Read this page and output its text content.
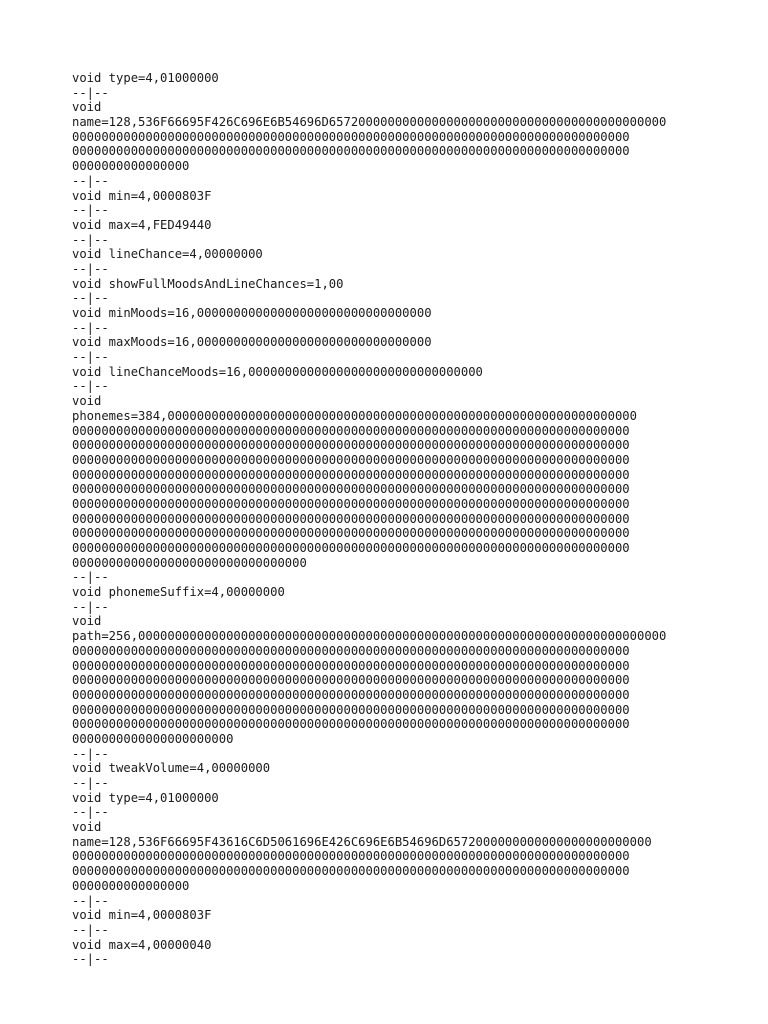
void type=4,01000000
--|--
void
name=128,536F66695F426C696E6B54696D6572000000000000000000000000000000000000000000
0000000000000000000000000000000000000000000000000000000000000000000000000000
0000000000000000000000000000000000000000000000000000000000000000000000000000
0000000000000000
--|--
void min=4,0000803F
--|--
void max=4,FED49440
--|--
void lineChance=4,00000000
--|--
void showFullMoodsAndLineChances=1,00
--|--
void minMoods=16,00000000000000000000000000000000
--|--
void maxMoods=16,00000000000000000000000000000000
--|--
void lineChanceMoods=16,00000000000000000000000000000000
--|--
void
phonemes=384,0000000000000000000000000000000000000000000000000000000000000000
0000000000000000000000000000000000000000000000000000000000000000000000000000
0000000000000000000000000000000000000000000000000000000000000000000000000000
0000000000000000000000000000000000000000000000000000000000000000000000000000
0000000000000000000000000000000000000000000000000000000000000000000000000000
0000000000000000000000000000000000000000000000000000000000000000000000000000
0000000000000000000000000000000000000000000000000000000000000000000000000000
0000000000000000000000000000000000000000000000000000000000000000000000000000
0000000000000000000000000000000000000000000000000000000000000000000000000000
0000000000000000000000000000000000000000000000000000000000000000000000000000
00000000000000000000000000000000
--|--
void phonemeSuffix=4,00000000
--|--
void
path=256,000000000000000000000000000000000000000000000000000000000000000000000000
0000000000000000000000000000000000000000000000000000000000000000000000000000
0000000000000000000000000000000000000000000000000000000000000000000000000000
0000000000000000000000000000000000000000000000000000000000000000000000000000
0000000000000000000000000000000000000000000000000000000000000000000000000000
0000000000000000000000000000000000000000000000000000000000000000000000000000
0000000000000000000000000000000000000000000000000000000000000000000000000000
0000000000000000000000
--|--
void tweakVolume=4,00000000
--|--
void type=4,01000000
--|--
void
name=128,536F66695F43616C6D5061696E426C696E6B54696D6572000000000000000000000000
0000000000000000000000000000000000000000000000000000000000000000000000000000
0000000000000000000000000000000000000000000000000000000000000000000000000000
0000000000000000
--|--
void min=4,0000803F
--|--
void max=4,00000040
--|--
